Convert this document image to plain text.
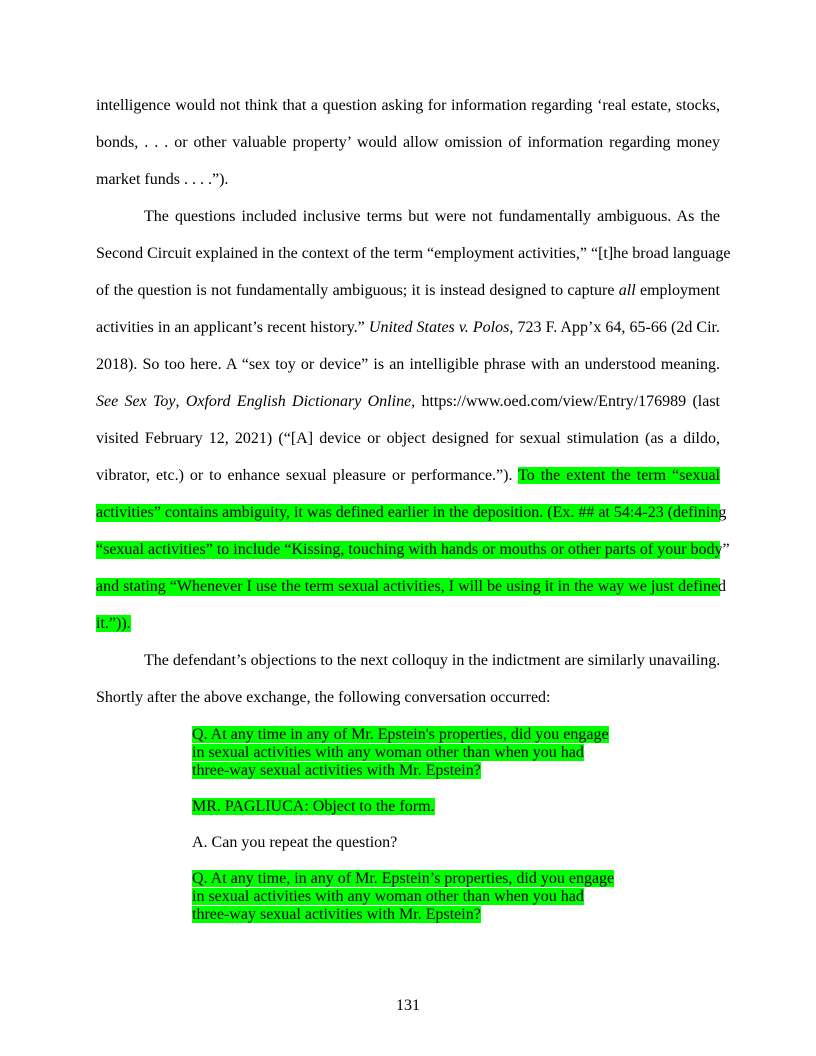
intelligence would not think that a question asking for information regarding ‘real estate, stocks,
bonds, . . . or other valuable property’ would allow omission of information regarding money
market funds . . . .”).
The questions included inclusive terms but were not fundamentally ambiguous. As the
Second Circuit explained in the context of the term “employment activities,” “[t]he broad language
of the question is not fundamentally ambiguous; it is instead designed to capture all employment
activities in an applicant’s recent history.” United States v. Polos, 723 F. App’x 64, 65-66 (2d Cir.
2018). So too here. A “sex toy or device” is an intelligible phrase with an understood meaning.
See Sex Toy, Oxford English Dictionary Online, https://www.oed.com/view/Entry/176989 (last
visited February 12, 2021) (“[A] device or object designed for sexual stimulation (as a dildo,
vibrator, etc.) or to enhance sexual pleasure or performance.”). To the extent the term “sexual
activities” contains ambiguity, it was defined earlier in the deposition. (Ex. ## at 54:4-23 (defining
“sexual activities” to include “Kissing, touching with hands or mouths or other parts of your body”
and stating “Whenever I use the term sexual activities, I will be using it in the way we just defined
it.”)).
The defendant’s objections to the next colloquy in the indictment are similarly unavailing.
Shortly after the above exchange, the following conversation occurred:
Q. At any time in any of Mr. Epstein's properties, did you engage
in sexual activities with any woman other than when you had
three-way sexual activities with Mr. Epstein?
MR. PAGLIUCA: Object to the form.
A. Can you repeat the question?
Q. At any time, in any of Mr. Epstein’s properties, did you engage
in sexual activities with any woman other than when you had
three-way sexual activities with Mr. Epstein?
131
